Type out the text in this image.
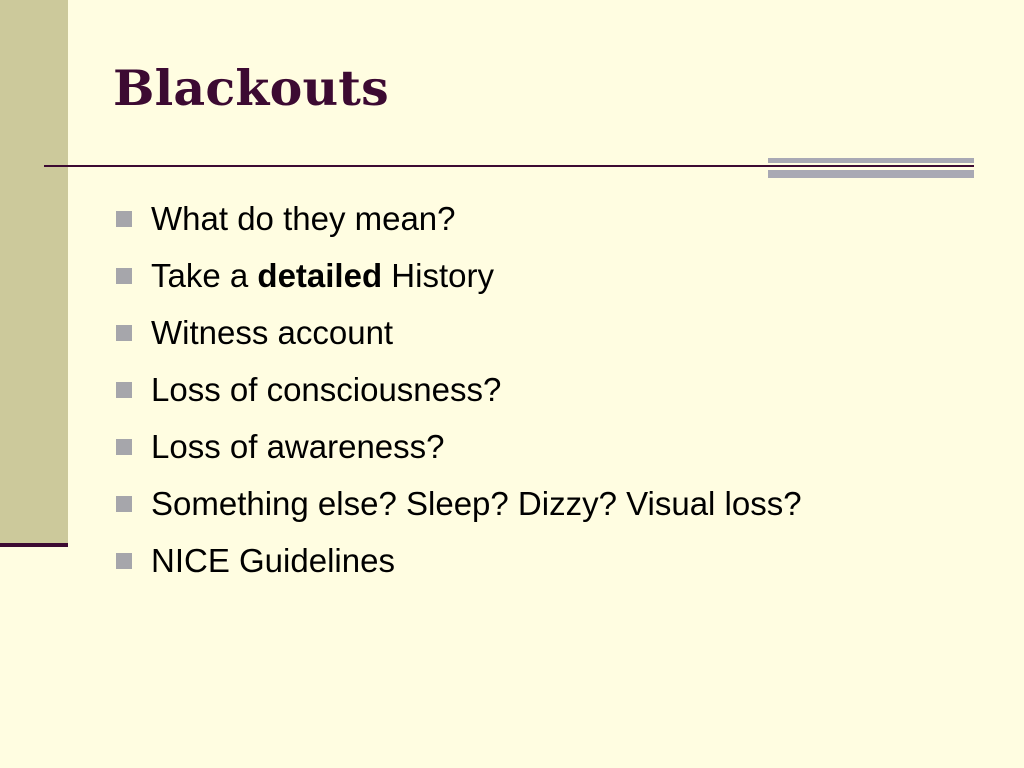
Blackouts
What do they mean?
Take a detailed History
Witness account
Loss of consciousness?
Loss of awareness?
Something else? Sleep? Dizzy? Visual loss?
NICE Guidelines
